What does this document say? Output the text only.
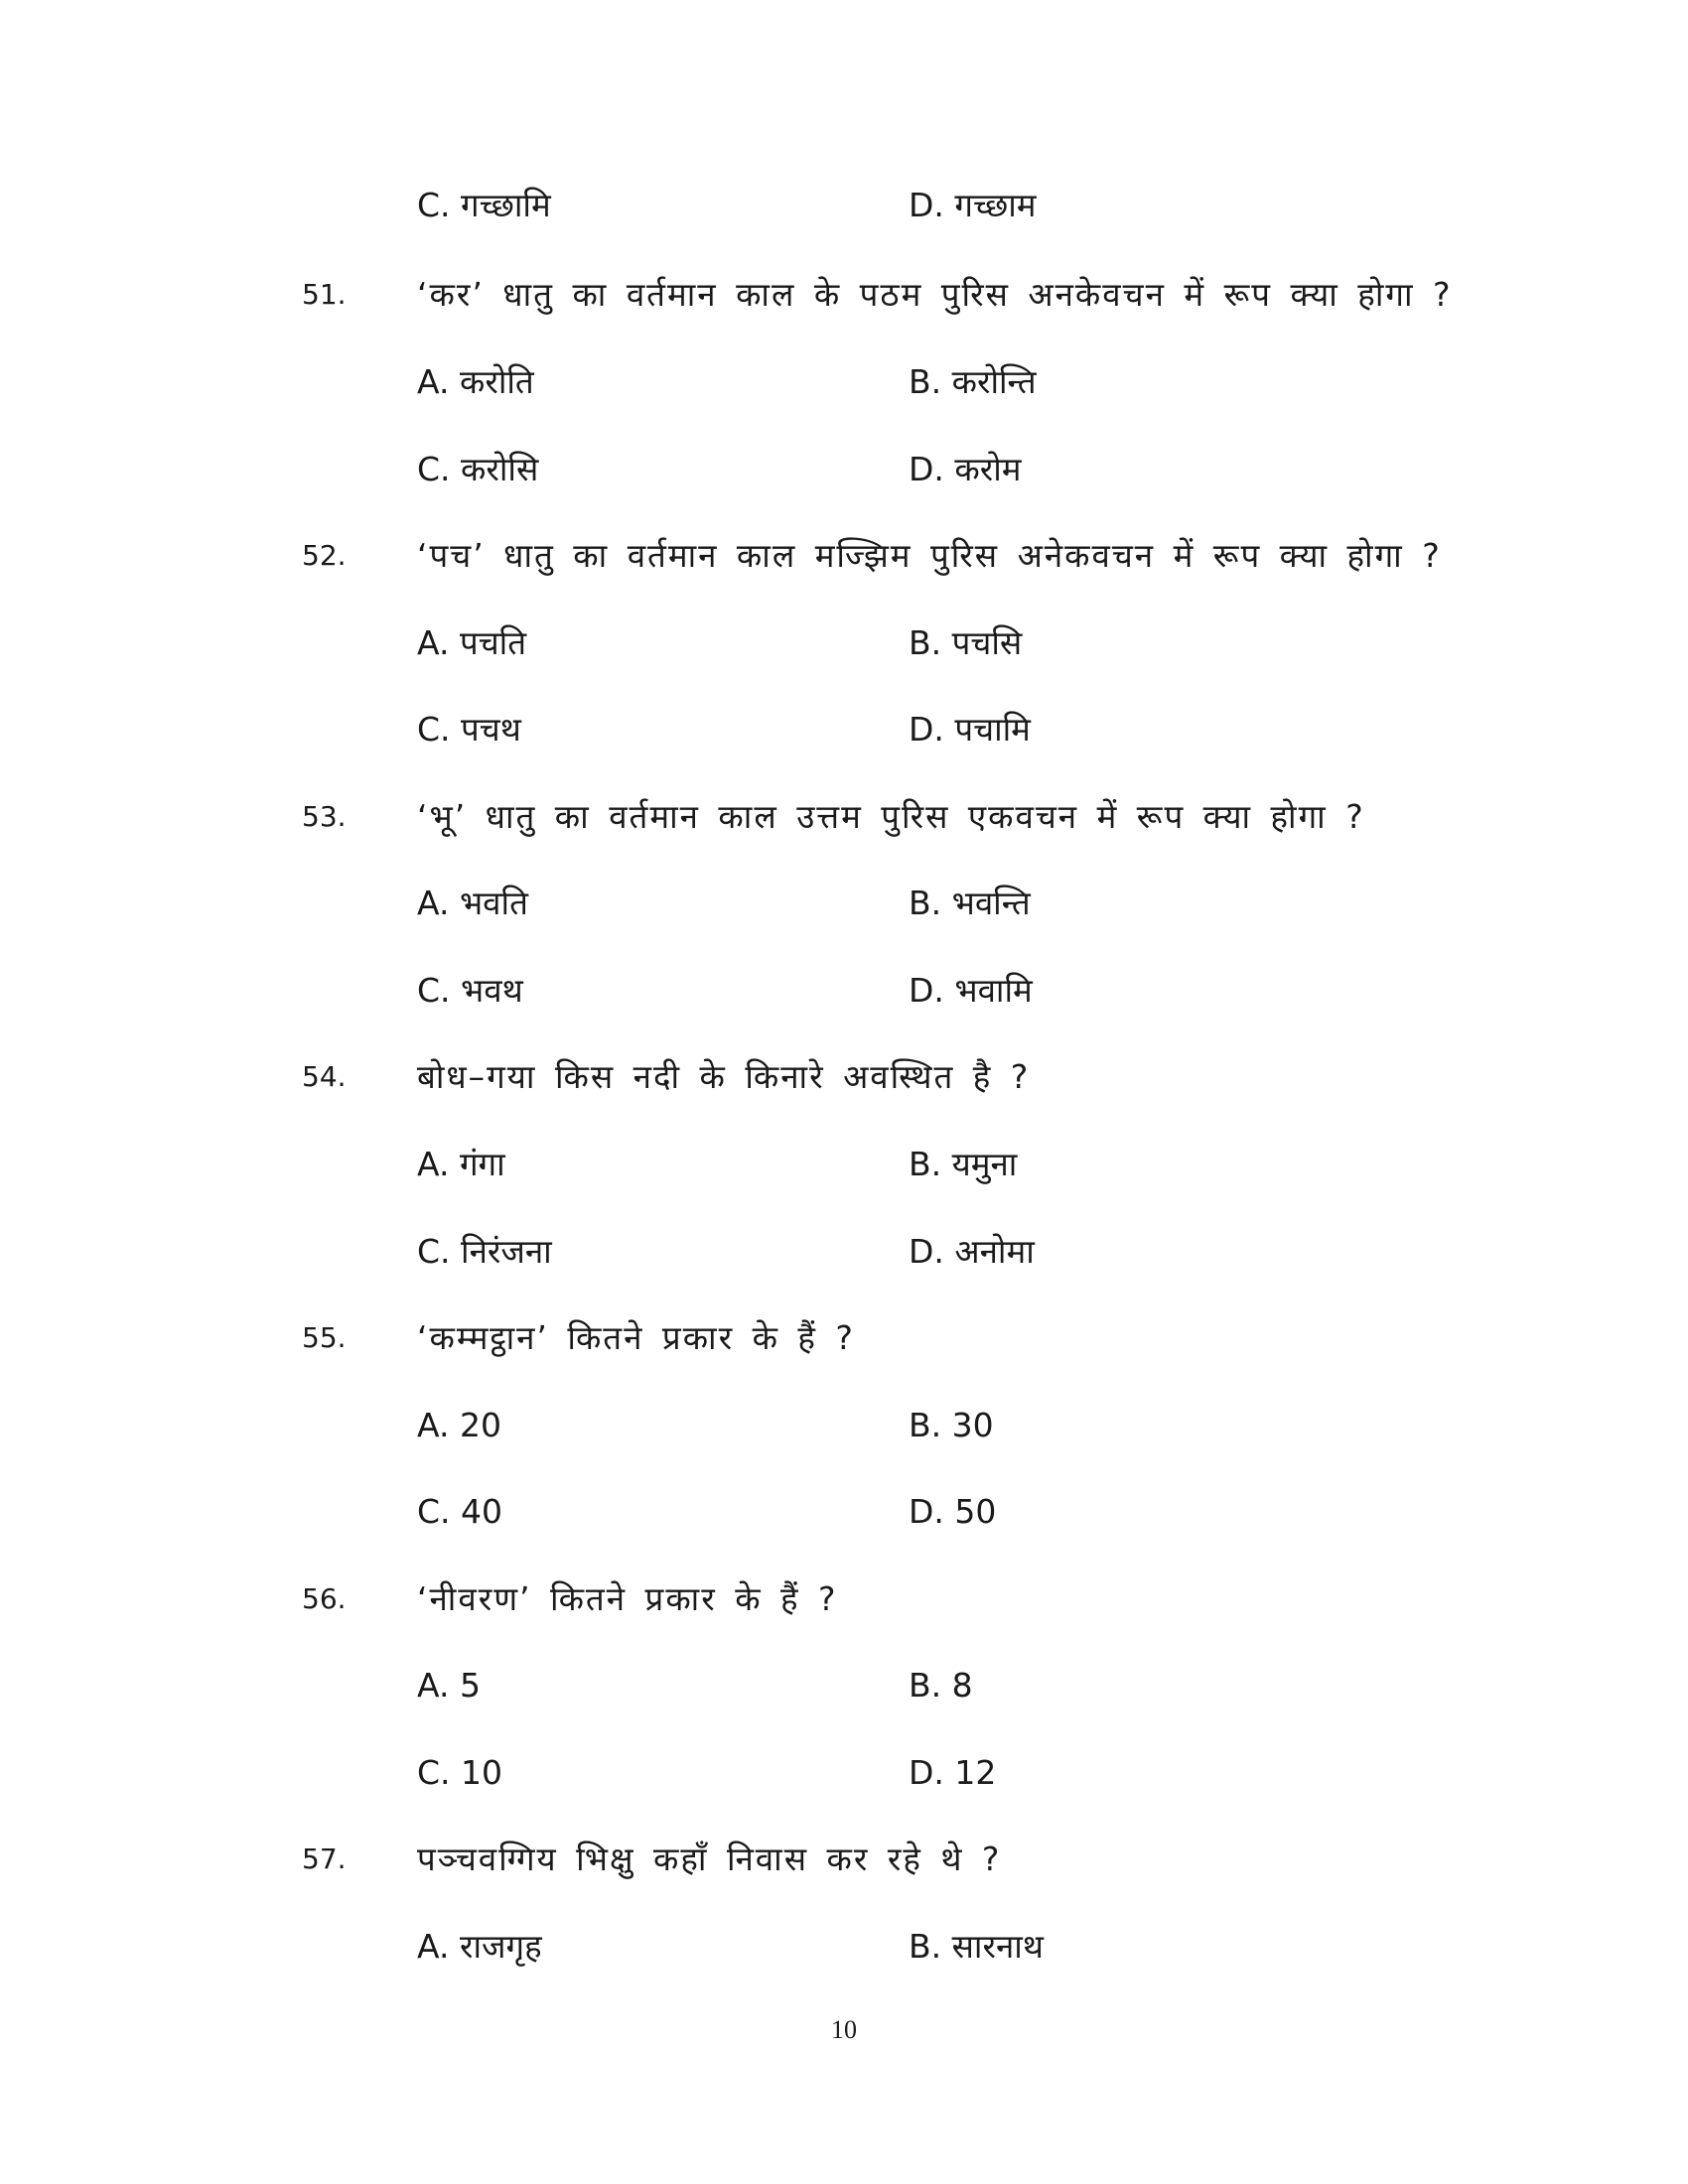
C. गच्छामि	D. गच्छाम
51.	‘कर’ धातु का वर्तमान काल के पठम पुरिस अनकेवचन में रूप क्या होगा ?
A. करोति	B. करोन्ति
C. करोसि	D. करोम
52.	‘पच’ धातु का वर्तमान काल मज्झिम पुरिस अनेकवचन में रूप क्या होगा ?
A. पचति	B. पचसि
C. पचथ	D. पचामि
53.	‘भू’ धातु का वर्तमान काल उत्तम पुरिस एकवचन में रूप क्या होगा ?
A. भवति	B. भवन्ति
C. भवथ	D. भवामि
54.	बोध–गया किस नदी के किनारे अवस्थित है ?
A. गंगा	B. यमुना
C. निरंजना	D. अनोमा
55.	‘कम्मट्ठान’ कितने प्रकार के हैं ?
A. 20	B. 30
C. 40	D. 50
56.	‘नीवरण’ कितने प्रकार के हैं ?
A. 5	B. 8
C. 10	D. 12
57.	पञ्चवग्गिय भिक्षु कहाँ निवास कर रहे थे ?
A. राजगृह	B. सारनाथ
10
